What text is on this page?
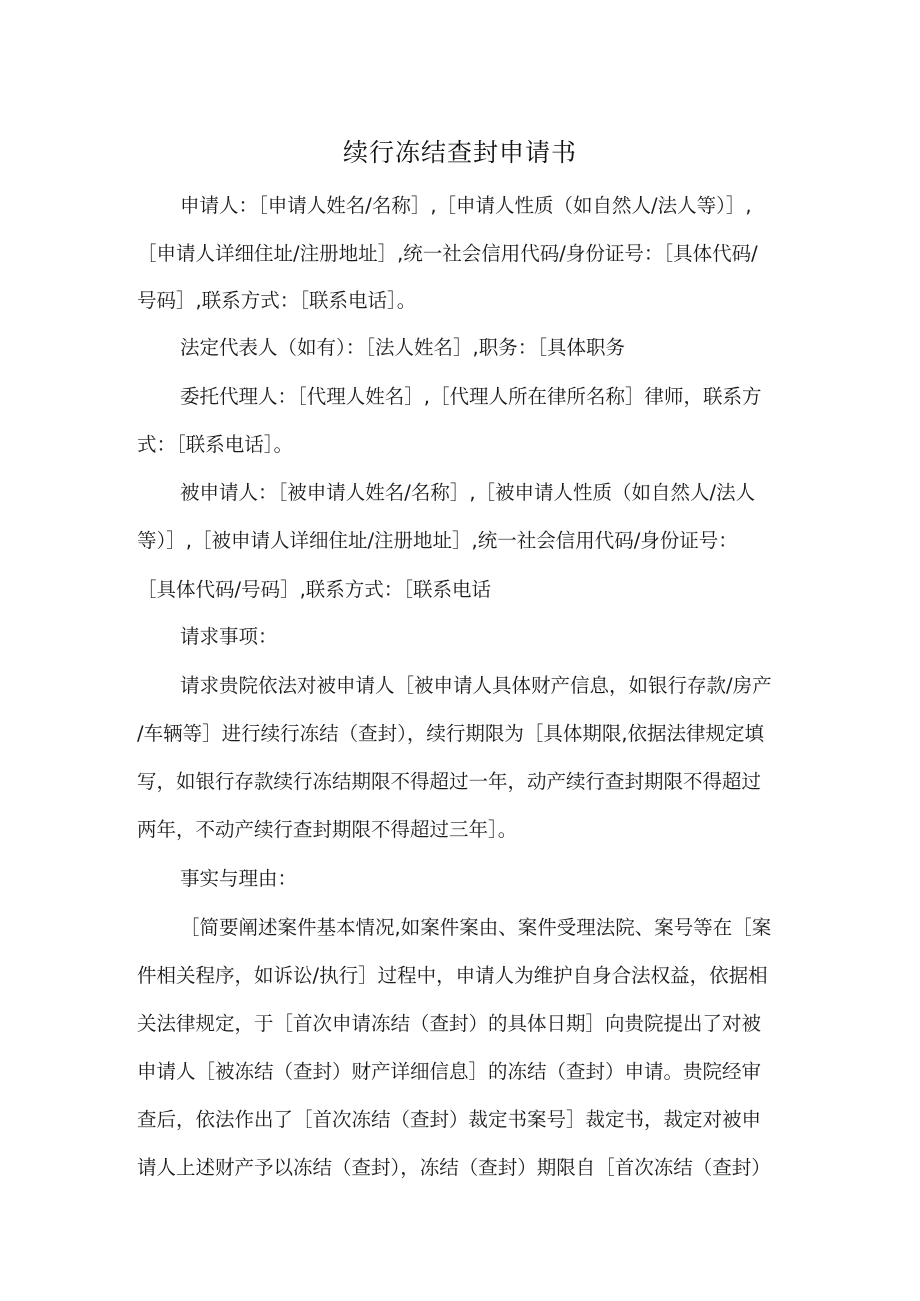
续行冻结查封申请书
申请人：［申请人姓名/名称］,［申请人性质（如自然人/法人等）］,
［申请人详细住址/注册地址］,统一社会信用代码/身份证号：［具体代码/
号码］,联系方式：［联系电话］。
法定代表人（如有）：［法人姓名］,职务：［具体职务
委托代理人：［代理人姓名］,［代理人所在律所名称］律师，联系方
式：［联系电话］。
被申请人：［被申请人姓名/名称］,［被申请人性质（如自然人/法人
等）］,［被申请人详细住址/注册地址］,统一社会信用代码/身份证号：
［具体代码/号码］,联系方式：［联系电话
请求事项：
请求贵院依法对被申请人［被申请人具体财产信息，如银行存款/房产
/车辆等］进行续行冻结（查封），续行期限为［具体期限,依据法律规定填
写，如银行存款续行冻结期限不得超过一年，动产续行查封期限不得超过
两年，不动产续行查封期限不得超过三年］。
事实与理由：
［简要阐述案件基本情况,如案件案由、案件受理法院、案号等在［案
件相关程序，如诉讼/执行］过程中，申请人为维护自身合法权益，依据相
关法律规定，于［首次申请冻结（查封）的具体日期］向贵院提出了对被
申请人［被冻结（查封）财产详细信息］的冻结（查封）申请。贵院经审
查后，依法作出了［首次冻结（查封）裁定书案号］裁定书，裁定对被申
请人上述财产予以冻结（查封），冻结（查封）期限自［首次冻结（查封）
